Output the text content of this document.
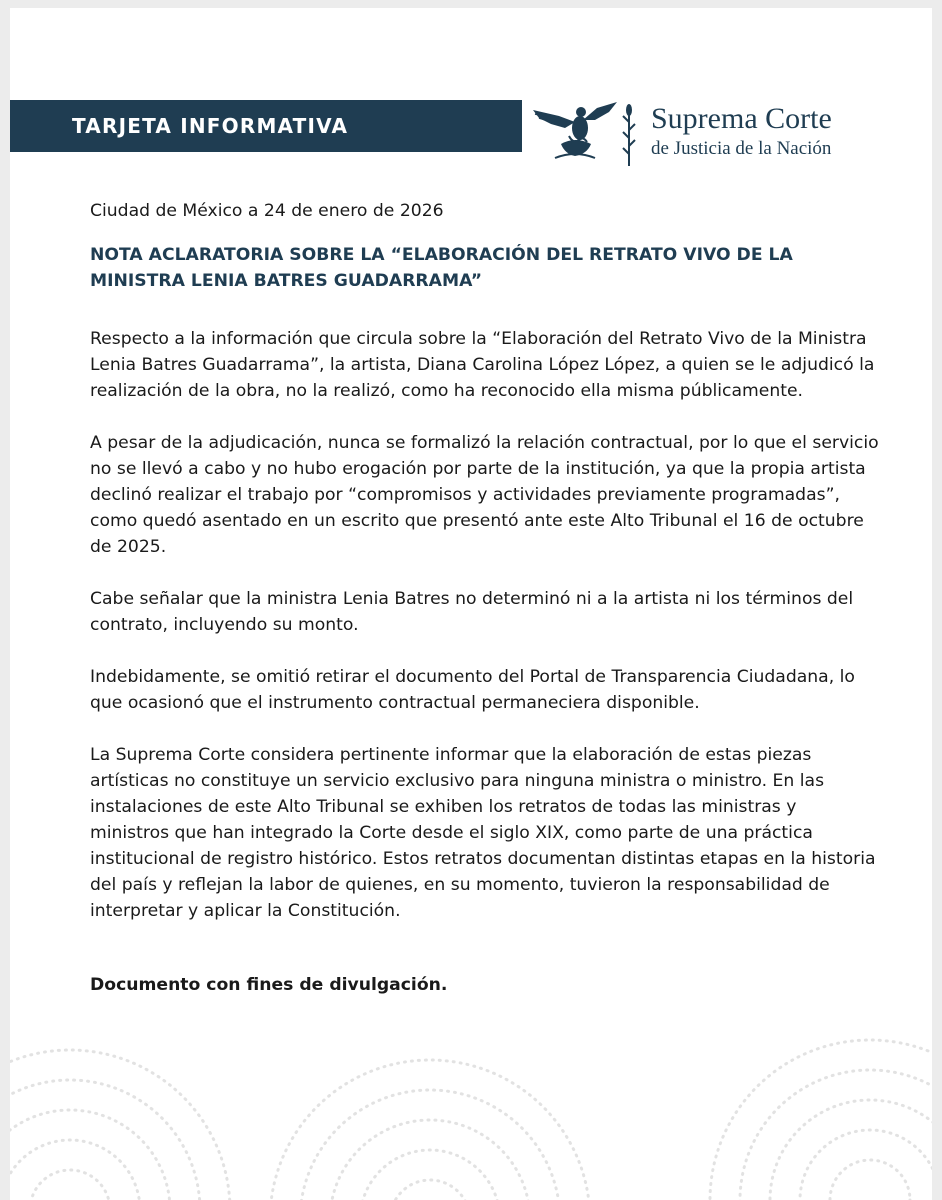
TARJETA INFORMATIVA	Suprema Corte
de Justicia de la Nación

Ciudad de México a 24 de enero de 2026

NOTA ACLARATORIA SOBRE LA “ELABORACIÓN DEL RETRATO VIVO DE LA MINISTRA LENIA BATRES GUADARRAMA”

Respecto a la información que circula sobre la “Elaboración del Retrato Vivo de la Ministra Lenia Batres Guadarrama”, la artista, Diana Carolina López López, a quien se le adjudicó la realización de la obra, no la realizó, como ha reconocido ella misma públicamente.

A pesar de la adjudicación, nunca se formalizó la relación contractual, por lo que el servicio no se llevó a cabo y no hubo erogación por parte de la institución, ya que la propia artista declinó realizar el trabajo por “compromisos y actividades previamente programadas”, como quedó asentado en un escrito que presentó ante este Alto Tribunal el 16 de octubre de 2025.

Cabe señalar que la ministra Lenia Batres no determinó ni a la artista ni los términos del contrato, incluyendo su monto.

Indebidamente, se omitió retirar el documento del Portal de Transparencia Ciudadana, lo que ocasionó que el instrumento contractual permaneciera disponible.

La Suprema Corte considera pertinente informar que la elaboración de estas piezas artísticas no constituye un servicio exclusivo para ninguna ministra o ministro. En las instalaciones de este Alto Tribunal se exhiben los retratos de todas las ministras y ministros que han integrado la Corte desde el siglo XIX, como parte de una práctica institucional de registro histórico. Estos retratos documentan distintas etapas en la historia del país y reflejan la labor de quienes, en su momento, tuvieron la responsabilidad de interpretar y aplicar la Constitución.

Documento con fines de divulgación.
